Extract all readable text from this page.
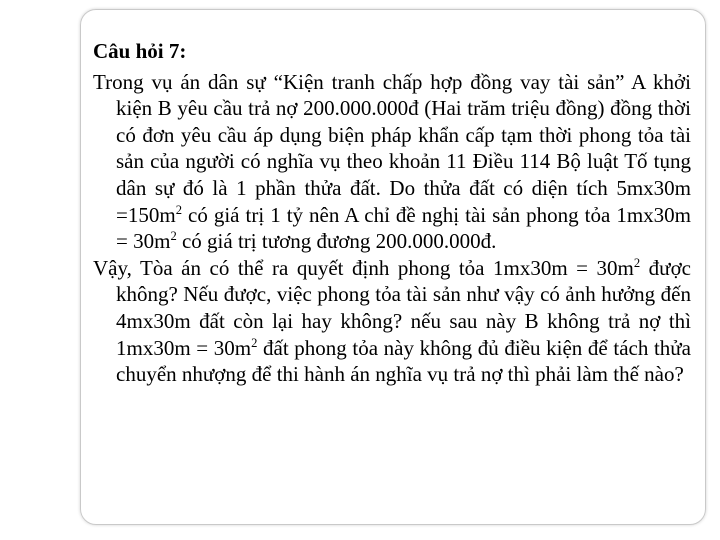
Câu hỏi 7:

Trong vụ án dân sự “Kiện tranh chấp hợp đồng vay tài sản” A khởi kiện B yêu cầu trả nợ 200.000.000đ (Hai trăm triệu đồng) đồng thời có đơn yêu cầu áp dụng biện pháp khẩn cấp tạm thời phong tỏa tài sản của người có nghĩa vụ theo khoản 11 Điều 114 Bộ luật Tố tụng dân sự đó là 1 phần thửa đất. Do thửa đất có diện tích $5mx30m =150m^2$ có giá trị 1 tỷ nên A chỉ đề nghị tài sản phong tỏa $1mx30m = 30m^2$ có giá trị tương đương 200.000.000đ.

Vậy, Tòa án có thể ra quyết định phong tỏa $1mx30m = 30m^2$ được không? Nếu được, việc phong tỏa tài sản như vậy có ảnh hưởng đến 4mx30m đất còn lại hay không? nếu sau này B không trả nợ thì $1mx30m = 30m^2$ đất phong tỏa này không đủ điều kiện để tách thửa chuyển nhượng để thi hành án nghĩa vụ trả nợ thì phải làm thế nào?
